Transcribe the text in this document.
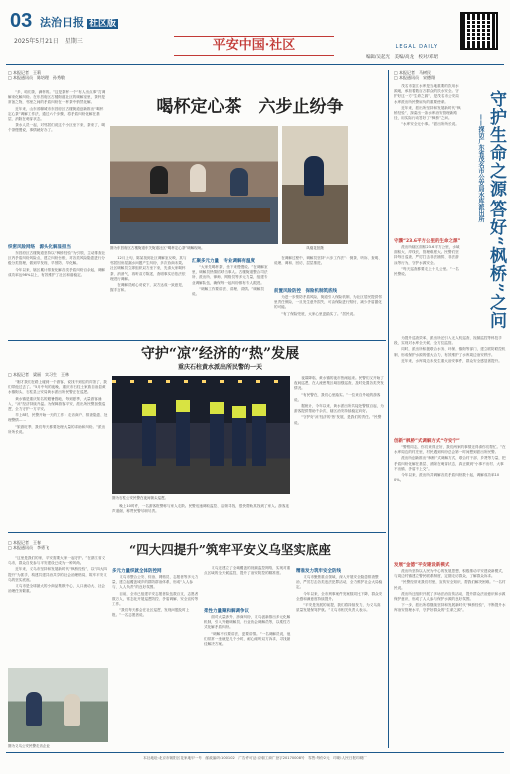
03 法治日报 社区版
2025年5月21日　星期三	平安中国·社区	LEGAL DAILY
编辑/吴起光　美编/高龙　校对/邓珺
□ 本报记者　王莉
□ 本报通讯员　陈培理　孙秀敬
喝杯定心茶　六步止纷争

“多，咱们茶，满杯的。”这是茶杯一个“有人出点事”打调解来化解纠纷。在东昌府区古楼街道社区的调解室里，茶杯是常备之物，邻里之间的矛盾纠纷在一杯茶中悄然化解。

近年来，山东省聊城市东昌府区古楼街道创新推出“喝杯定心茶”调解工作法，通过六个步骤，将矛盾纠纷化解在基层、消除在萌芽状态。

茶水人员一起，对邻居们说这个小区坐下来，茶来了，喝个茶慢慢说，事情就好办了。

图为东昌府区古楼街道东关街道社区“喝杯定心茶”调解现场。	凤凰花拍摄
织密风险网络　源头化解显担当

东昌府区古楼街道坚持以“枫桥经验”为引领，主动排查社区内矛盾纠纷风险点，建立纠纷台账，对各类风险隐患进行分级分类管理，做到早发现、早预防、早化解。

今年以来，辖区累计排查化解各类矛盾纠纷百余起，调解成功率达98%以上，有效维护了社区和谐稳定。

12月上旬，陈某找到社区调解室反映，其与邻居因房屋漏水问题产生纠纷，多次协商未果。社区调解员立即组织双方坐下来，先请大家喝杯茶、消消气，再听双方陈述，查明事实后依法依理进行调解。

在调解员耐心劝说下，双方达成一致意见，握手言和。

汇聚多元力量　专业调解有温度

“大家先喝杯茶，坐下来慢慢说。”在调解室里，调解员热情招呼当事人。古楼街道整合司法所、派出所、律师、网格员等多元力量，组建专业调解队伍，确保每一起纠纷都有专人跟进。

“调解工作要讲法、讲理、讲情。”调解员说。

在调解过程中，调解员坚持“六步工作法”：倒茶、听诉、查明、说理、调和、回访，层层推进。

前置风险防控　保险机制筑底线

为进一步预防矛盾风险，街道引入保险机制，为社区居民提供邻里责任保险，一旦发生意外损失，可由保险进行赔付，减少矛盾激化的可能。

“有了保险兜底，大家心里更踏实了。”居民说。

守护“凉”经济的“热”发展
重庆石柱黄水派出所民警的一天
□ 本报记者　梁丽　实习生　王林

“刚才我们在路上碰到一个游客，说找不到住的宾馆了，我们带他过去了。”5月中旬的夜晚，重庆市石柱土家族自治县黄水镇街头，石柱县公安局黄水派出所民警正在巡逻。

黄水镇是重庆知名的避暑胜地，每到夏季，大量游客涌入，“凉”经济持续升温。为保障游客平安，派出所民警加强巡逻，全力守护一方平安。

早上8时，民警开始一天的工作：走访商户、排查隐患、处理警情……

“旅游旺季，我们每天都要处理大量的求助和纠纷。”派出所所长说。

图为石柱公安民警在夜间街头巡逻。

夜幕降临，黄水镇的夜市热闹起来。民警们又开始了夜间巡逻，在人流密集区域加强巡查，及时处置各类突发情况。

“有民警在，我们心里踏实。”一位来自外地的游客说。

据统计，今年以来，黄水派出所共接处警数百起，为游客提供帮助千余次，辖区治安持续稳定向好。

“守护好‘凉’经济的‘热’发展，是我们的责任。”民警说。

晚上10时许，一名游客报警称与家人走散。民警迅速调取监控、沿街寻找，很快帮助其找到了家人。游客连声道谢，称赞民警尽职尽责。

□ 本报记者　王春
□ 本报通讯员　李勇飞	“四大四提升”筑牢平安义乌坚实底座

“这里是我们的家，平安需要大家一起守护。”在浙江省义乌市，群众自发参与平安建设已成为一种风尚。

近年来，义乌市坚持和发展新时代“枫桥经验”，以“四大四提升”为抓手，构建共建共治共享的社会治理格局，筑牢平安义乌的坚实底座。

义乌市是全球最大的小商品集散中心，人口流动大、社会治理任务繁重。

图为义乌公安民警走访企业
多元力量织就全体防控网

义乌市整合公安、综治、网格员、志愿者等多元力量，建立起覆盖城乡的群防群治体系，形成“人人参与、人人负责”的良好氛围。

目前，全市已组建平安志愿者队伍数百支，志愿者数万人，常态化开展巡逻防控、矛盾调解、安全宣传等工作。

“我们每天都会在社区巡逻，发现问题及时上报。”一名志愿者说。

义乌还建立了全域覆盖的视频监控网络，实现对重点区域的全天候监控，提升了治安防控的精准度。

柔性力量聚和解调争议

面对大量涉外、涉商纠纷，义乌创新推出多元化解机制，引入外籍调解员、行业协会调解员等，以柔性方式化解矛盾纠纷。

“调解不仅要讲法，更要讲情。”一名调解员说，他们常常一坐就是几个小时，耐心倾听双方诉求，寻找最佳解决方案。

精准发力筑牢安全防线

义乌市聚焦重点领域，深入开展安全隐患排查整治，严厉打击各类违法犯罪活动，全力维护社会大局稳定。

今年以来，全市刑事案件发案数同比下降，群众安全感和满意度持续提升。

“平安是发展的前提，我们将持续发力，为义乌高质量发展保驾护航。”义乌市相关负责人表示。

□ 本报记者　马树民
□ 本报通讯员　宋德翔

茂名市鉴江水库是当地重要的饮用水源地，承担着数百万群众的饮水安全。守护好这一方“生命之源”，是茂名市公安局水库派出所民警肩负的重要使命。

近年来，派出所坚持和发展新时代“枫桥经验”，探索出一条水库治安管理新路径，用实际行动答好了“枫桥”之问。

“水库安全无小事。”派出所所长说。 守护生命之源
——探访广东省茂名市公安局水库派出所
答好“枫桥”之问
守護“23.6平方公里的生命之源”

派出所辖区面积23.6平方公里，水域面积大、岸线长，管理难度大。民警们坚持每日巡查，严厉打击非法捕捞、非法游泳等行为，守护水源安全。

“每天巡查都要走上十几公里。”一名民警说。

为提升巡查效率，派出所还引入无人机巡查、视频监控等科技手段，实现对水库全天候、全方位监管。

同时，派出所积极联合水务、环保、镇街等部门，建立联防联控机制，形成保护水源的强大合力，有效维护了水库周边治安秩序。

近年来，水库周边未发生重大治安事件，群众安全感显著提升。

创新“枫桥”式调解方式“守安宁”

“警察同志，你们来得正好，我们两家的事情还得请你们帮忙。”在水库周边的村庄里，村民遇到纠纷总会第一时间想到派出所民警。

派出所创新推出“枫桥”式调解方式，联合村干部、乡贤等力量，把矛盾纠纷化解在基层、消除在萌芽状态，真正做到“小事不出村、大事不出镇、矛盾不上交”。

今年以来，派出所共调解各类矛盾纠纷数十起，调解成功率100%。

发展“金德”平安建设新模式

派出所坚持以人民为中心的发展思想，积极推动平安建设新模式，与周边村镇建立警民联系制度，定期走访群众，了解群众诉求。

“民警经常来我们村里，宣传安全知识，帮我们解决困难。”一名村民说。

派出所还组织开展了多场法治宣传活动，提升群众法治意识和水源保护意识，形成了人人参与保护水源的良好氛围。

下一步，派出所将继续坚持和发展新时代“枫桥经验”，不断提升水库治安管理水平，守护好群众的“生命之源”。

本社地址:北京市朝阳区花家地甲一号　邮政编码:100102　广告许可证:京朝工商广登字20170008号　零售:每份2元　印刷:人民日报印刷厂
